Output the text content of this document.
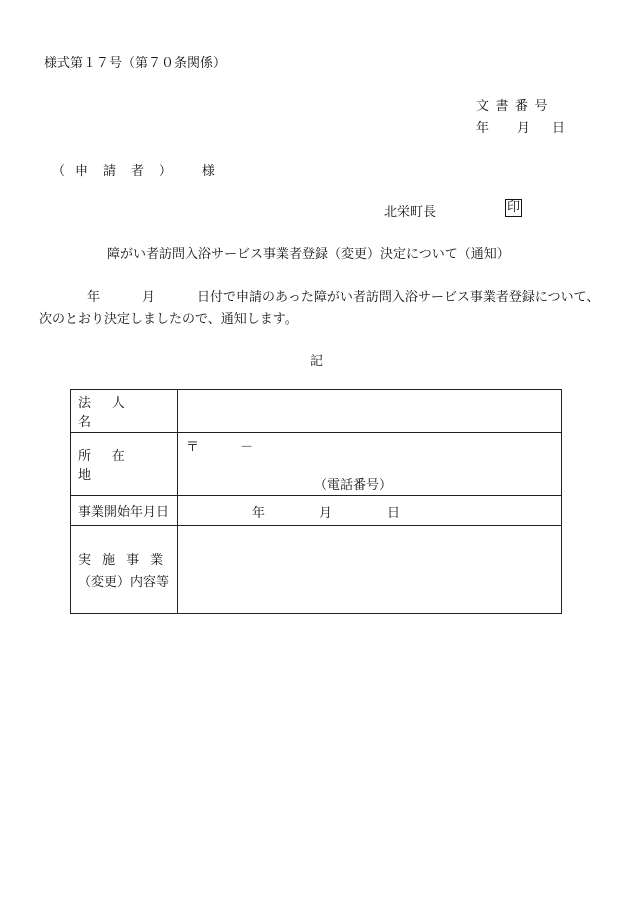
様式第１７号（第７０条関係）
文書番号
年 月 日
（ 申請者 ） 様
北栄町長	印
障がい者訪問入浴サービス事業者登録（変更）決定について（通知）
年	月	日付で申請のあった障がい者訪問入浴サービス事業者登録について、
次のとおり決定しましたので、通知します。
記
法人名	
所在地	〒 －
（電話番号）

事業開始年月日	年 月 日

実施事業
（変更）内容等	
